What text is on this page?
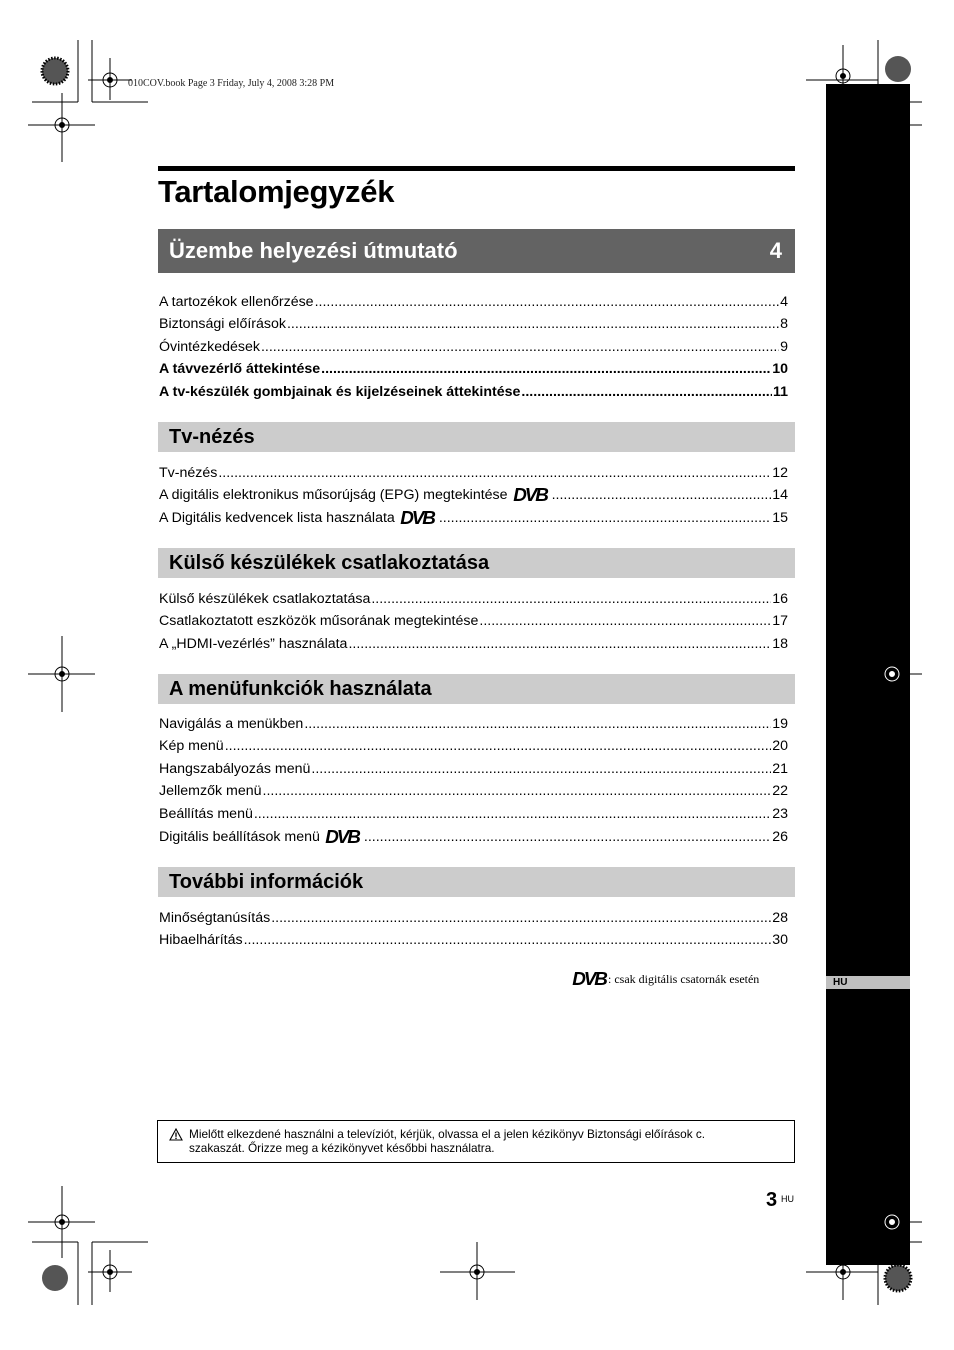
HU
010COV.book Page 3 Friday, July 4, 2008 3:28 PM
Tartalomjegyzék
Üzembe helyezési útmutató	4
A tartozékok ellenőrzése .....	4
Biztonsági előírások .....	8
Óvintézkedések .....	9
A távvezérlő áttekintése .....	10
A tv-készülék gombjainak és kijelzéseinek áttekintése .....	11
Tv-nézés
Tv-nézés .....	12
A digitális elektronikus műsorújság (EPG) megtekintése DVB .....	14
A Digitális kedvencek lista használata DVB .....	15
Külső készülékek csatlakoztatása
Külső készülékek csatlakoztatása .....	16
Csatlakoztatott eszközök műsorának megtekintése .....	17
A „HDMI-vezérlés” használata .....	18
A menüfunkciók használata
Navigálás a menükben .....	19
Kép menü .....	20
Hangszabályozás menü .....	21
Jellemzők menü .....	22
Beállítás menü .....	23
Digitális beállítások menü DVB .....	26
További információk
Minőségtanúsítás .....	28
Hibaelhárítás .....	30
DVB : csak digitális csatornák esetén
Mielőtt elkezdené használni a televíziót, kérjük, olvassa el a jelen kézikönyv Biztonsági előírások c.
szakaszát. Őrizze meg a kézikönyvet későbbi használatra.
3 HU
